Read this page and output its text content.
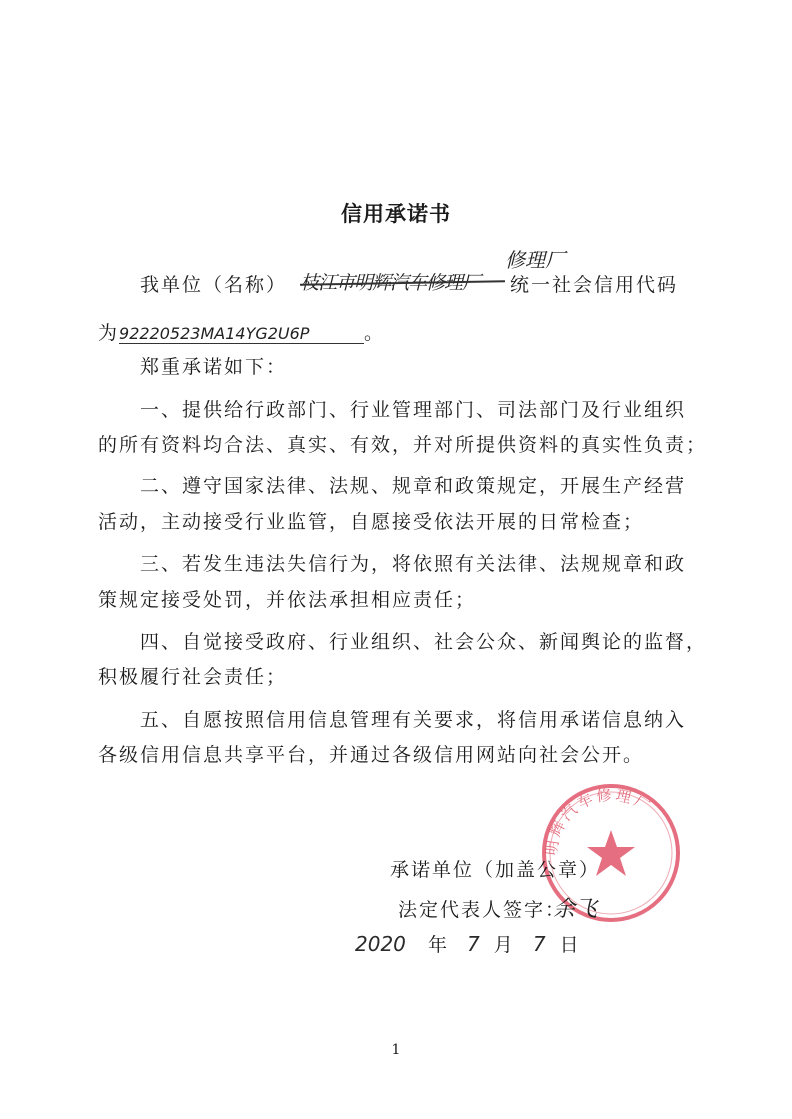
信用承诺书
我单位（名称） 枝江市明辉汽车修理厂
修理厂
统一社会信用代码
为92220523MA14YG2U6P	。
郑重承诺如下：
一、提供给行政部门、行业管理部门、司法部门及行业组织
的所有资料均合法、真实、有效，并对所提供资料的真实性负责；
二、遵守国家法律、法规、规章和政策规定，开展生产经营
活动，主动接受行业监管，自愿接受依法开展的日常检查；
三、若发生违法失信行为，将依照有关法律、法规规章和政
策规定接受处罚，并依法承担相应责任；
四、自觉接受政府、行业组织、社会公众、新闻舆论的监督，
积极履行社会责任；
五、自愿按照信用信息管理有关要求，将信用承诺信息纳入
各级信用信息共享平台，并通过各级信用网站向社会公开。
明辉汽车修理厂
承诺单位（加盖公章）
法定代表人签字：
余飞
2020 年 7 月 7 日
1
